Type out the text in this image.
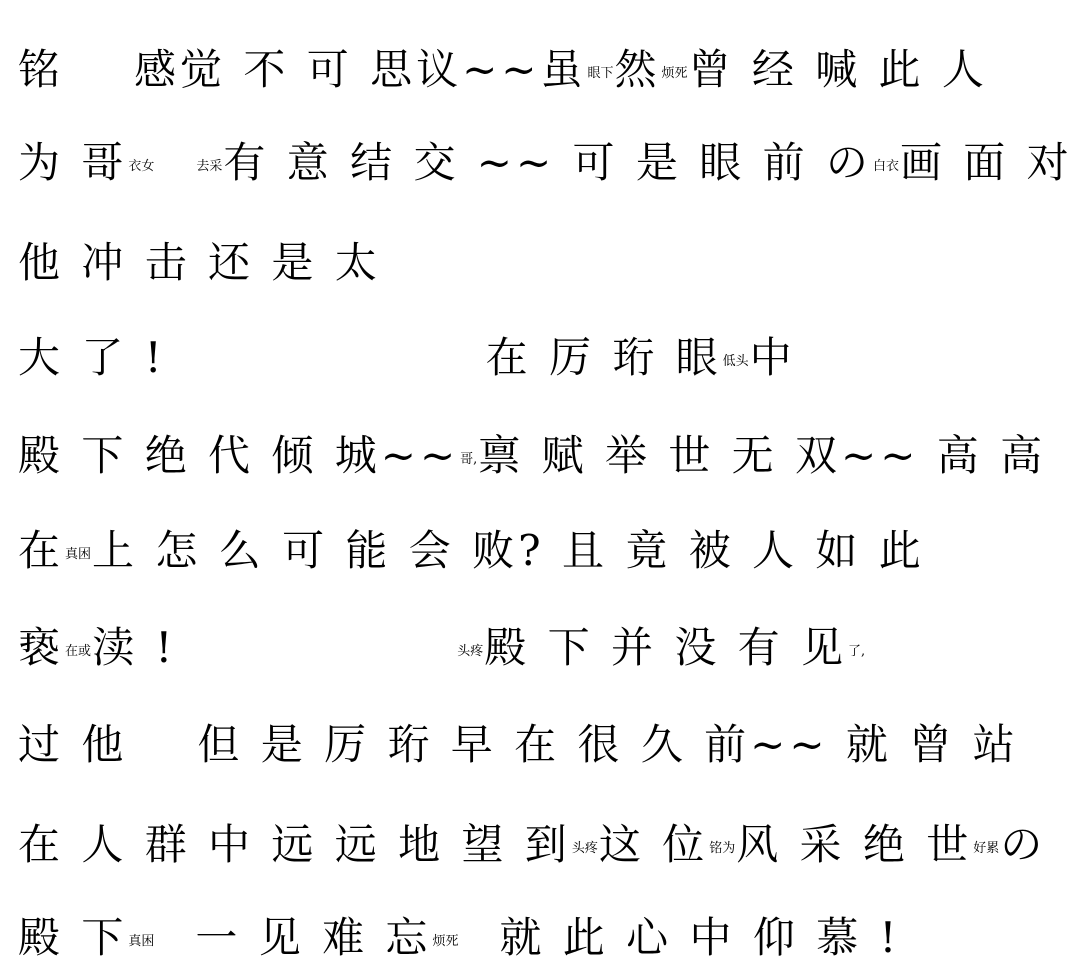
铭 感觉 不 可 思议~~虽眼下然烦死曾 经 喊 此 人
为 哥衣女	去采有 意 结 交 ~~ 可 是 眼 前 の白衣画 面 对
他 冲 击 还 是 太
大 了 !	在 厉 珩 眼低头中
殿 下 绝 代 倾 城~~哥,禀 赋 举 世 无 双~~ 高 高
在真困上 怎 么 可 能 会 败? 且 竟 被 人 如 此
亵在或渎 !	头疼殿 下 并 没 有 见了,
过 他 但 是 厉 珩 早 在 很 久 前~~ 就 曾 站
在 人 群 中 远 远 地 望 到头疼这 位铭为风 采 绝 世好累の
殿 下真困 一 见 难 忘烦死 就 此 心 中 仰 慕 !
